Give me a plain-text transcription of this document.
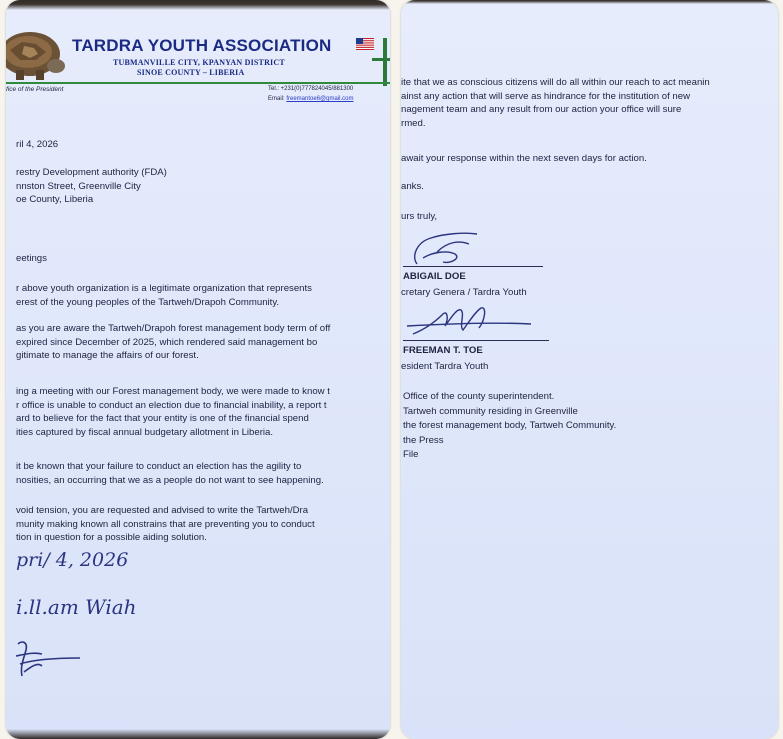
TARDRA YOUTH ASSOCIATION
TUBMANVILLE CITY, KPANYAN DISTRICT
SINOE COUNTY – LIBERIA
fice of the President	Tel.: +231(0)777824045/881300
Email: freemantoe6@gmail.com
ril 4, 2026
restry Development authority (FDA)
nnston Street, Greenville City
oe County, Liberia
eetings
r above youth organization is a legitimate organization that represents
erest of the young peoples of the Tartweh/Drapoh Community.
as you are aware the Tartweh/Drapoh forest management body term of off
expired since December of 2025, which rendered said management bo
gitimate to manage the affairs of our forest.
ing a meeting with our Forest management body, we were made to know t
r office is unable to conduct an election due to financial inability, a report t
ard to believe for the fact that your entity is one of the financial spend
ities captured by fiscal annual budgetary allotment in Liberia.
it be known that your failure to conduct an election has the agility to
nosities, an occurring that we as a people do not want to see happening.
void tension, you are requested and advised to write the Tartweh/Dra
munity making known all constrains that are preventing you to conduct
tion in question for a possible aiding solution.
pri/ 4, 2026
i.ll.am Wiah
ite that we as conscious citizens will do all within our reach to act meanin
ainst any action that will serve as hindrance for the institution of new
nagement team and any result from our action your office will sure
rmed.
await your response within the next seven days for action.
anks.
urs truly,
ABIGAIL DOE
cretary Genera / Tardra Youth
FREEMAN T. TOE
esident Tardra Youth
Office of the county superintendent.
Tartweh community residing in Greenville
the forest management body, Tartweh Community.
the Press
File
